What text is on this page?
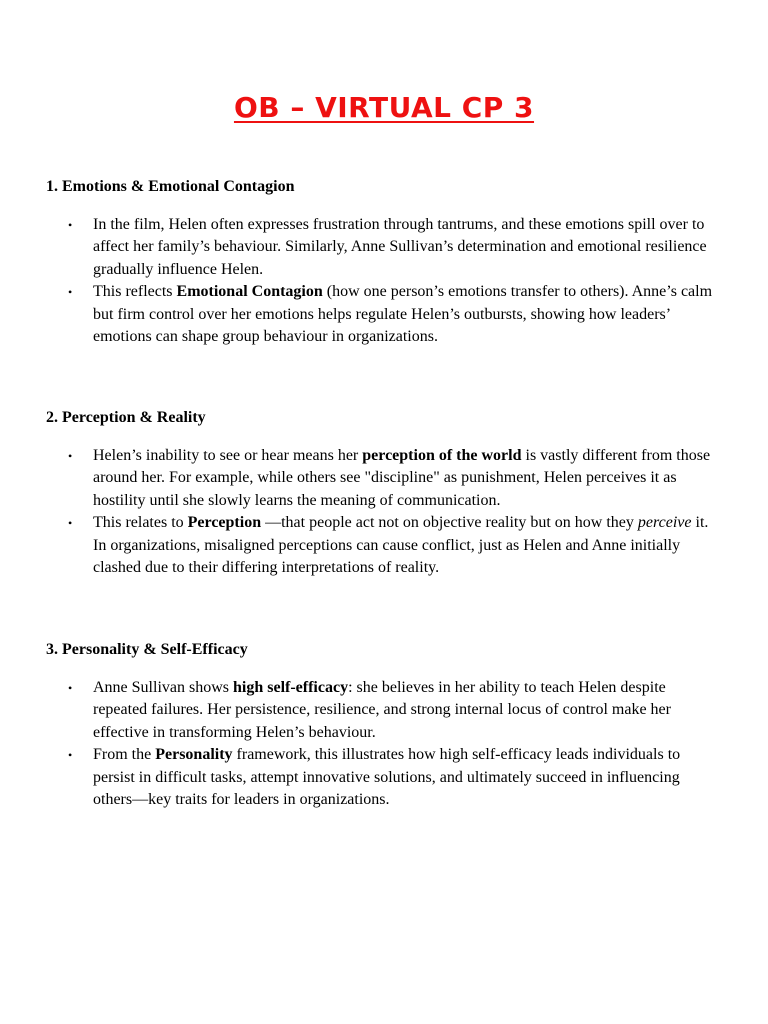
OB – VIRTUAL CP 3

1. Emotions & Emotional Contagion

• In the film, Helen often expresses frustration through tantrums, and these emotions spill over to affect her family’s behaviour. Similarly, Anne Sullivan’s determination and emotional resilience gradually influence Helen.
• This reflects Emotional Contagion (how one person’s emotions transfer to others). Anne’s calm but firm control over her emotions helps regulate Helen’s outbursts, showing how leaders’ emotions can shape group behaviour in organizations.

2. Perception & Reality

• Helen’s inability to see or hear means her perception of the world is vastly different from those around her. For example, while others see "discipline" as punishment, Helen perceives it as hostility until she slowly learns the meaning of communication.
• This relates to Perception —that people act not on objective reality but on how they perceive it. In organizations, misaligned perceptions can cause conflict, just as Helen and Anne initially clashed due to their differing interpretations of reality.

3. Personality & Self-Efficacy

• Anne Sullivan shows high self-efficacy: she believes in her ability to teach Helen despite repeated failures. Her persistence, resilience, and strong internal locus of control make her effective in transforming Helen’s behaviour.
• From the Personality framework, this illustrates how high self-efficacy leads individuals to persist in difficult tasks, attempt innovative solutions, and ultimately succeed in influencing others—key traits for leaders in organizations.
